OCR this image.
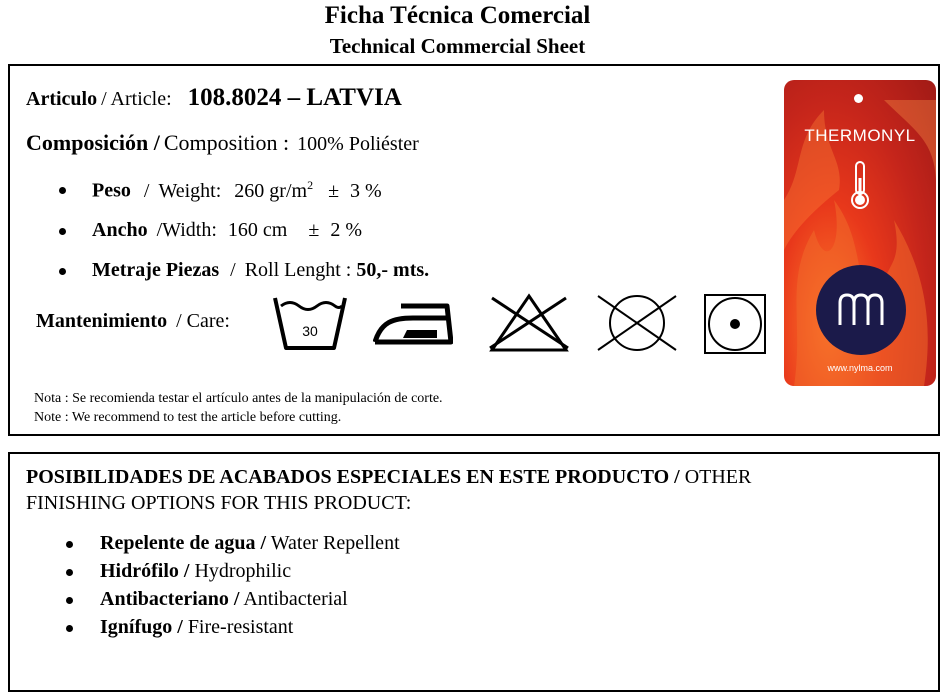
Ficha Técnica Comercial
Technical Commercial Sheet
Articulo / Article: 108.8024 – LATVIA
Composición / Composition : 100% Poliéster
Peso / Weight: 260 $gr/m^2 \pm 3$ %
Ancho /Width: 160 cm ± 2 %
Metraje Piezas / Roll Lenght : 50,- mts.
Mantenimiento / Care:	30
Nota : Se recomienda testar el artículo antes de la manipulación de corte.
Note : We recommend to test the article before cutting.
THERMONYL
www.nylma.com
POSIBILIDADES DE ACABADOS ESPECIALES EN ESTE PRODUCTO / OTHER
FINISHING OPTIONS FOR THIS PRODUCT:
Repelente de agua / Water Repellent
Hidrófilo / Hydrophilic
Antibacteriano / Antibacterial
Ignífugo / Fire-resistant
